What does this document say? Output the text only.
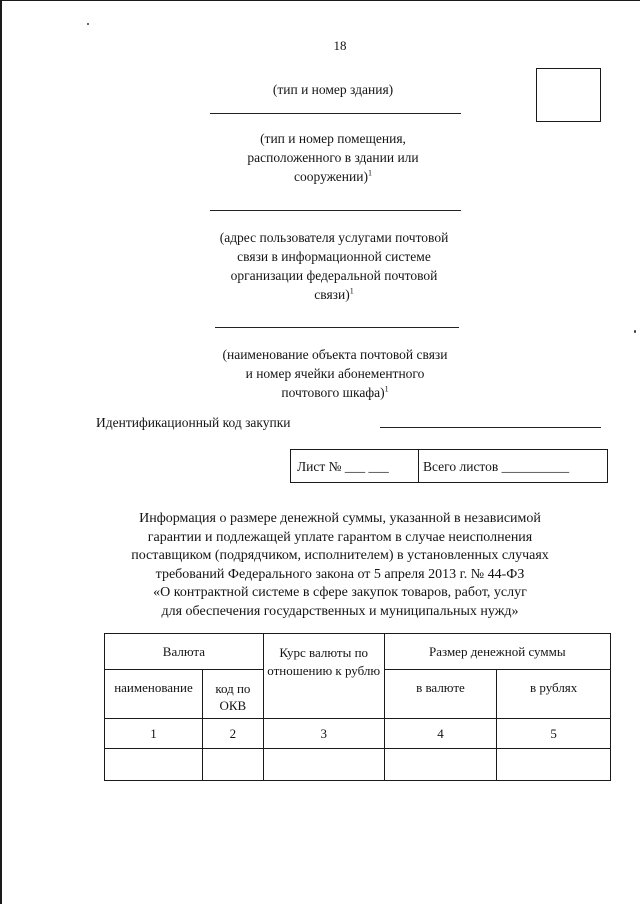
18
(тип и номер здания)
(тип и номер помещения,
расположенного в здании или
сооружении)$^1$
(адрес пользователя услугами почтовой
связи в информационной системе
организации федеральной почтовой
связи)$^1$
(наименование объекта почтовой связи
и номер ячейки абонементного
почтового шкафа)$^1$
Идентификационный код закупки
Лист № ___ ___	Всего листов __________
Информация о размере денежной суммы, указанной в независимой
гарантии и подлежащей уплате гарантом в случае неисполнения
поставщиком (подрядчиком, исполнителем) в установленных случаях
требований Федерального закона от 5 апреля 2013 г. № 44-ФЗ
«О контрактной системе в сфере закупок товаров, работ, услуг
для обеспечения государственных и муниципальных нужд»
Валюта		Курс валюты по отношению к рублю	Размер денежной суммы	
наименование	код по ОКВ		в валюте	в рублях
1	2	3	4	5
